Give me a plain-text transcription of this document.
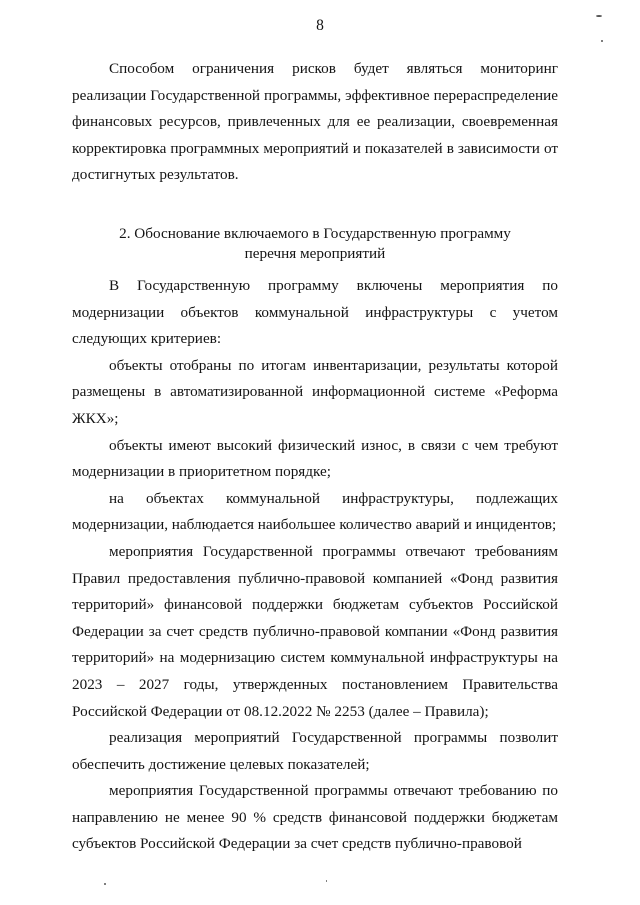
8

Способом ограничения рисков будет являться мониторинг реализации Государственной программы, эффективное перераспределение финансовых ресурсов, привлеченных для ее реализации, своевременная корректировка программных мероприятий и показателей в зависимости от достигнутых результатов.

2. Обоснование включаемого в Государственную программу
перечня мероприятий

В Государственную программу включены мероприятия по модернизации объектов коммунальной инфраструктуры с учетом следующих критериев:

объекты отобраны по итогам инвентаризации, результаты которой размещены в автоматизированной информационной системе «Реформа ЖКХ»;

объекты имеют высокий физический износ, в связи с чем требуют модернизации в приоритетном порядке;

на объектах коммунальной инфраструктуры, подлежащих модернизации, наблюдается наибольшее количество аварий и инцидентов;

мероприятия Государственной программы отвечают требованиям Правил предоставления публично-правовой компанией «Фонд развития территорий» финансовой поддержки бюджетам субъектов Российской Федерации за счет средств публично-правовой компании «Фонд развития территорий» на модернизацию систем коммунальной инфраструктуры на 2023 – 2027 годы, утвержденных постановлением Правительства Российской Федерации от 08.12.2022 № 2253 (далее – Правила);

реализация мероприятий Государственной программы позволит обеспечить достижение целевых показателей;

мероприятия Государственной программы отвечают требованию по направлению не менее 90 % средств финансовой поддержки бюджетам субъектов Российской Федерации за счет средств публично-правовой
